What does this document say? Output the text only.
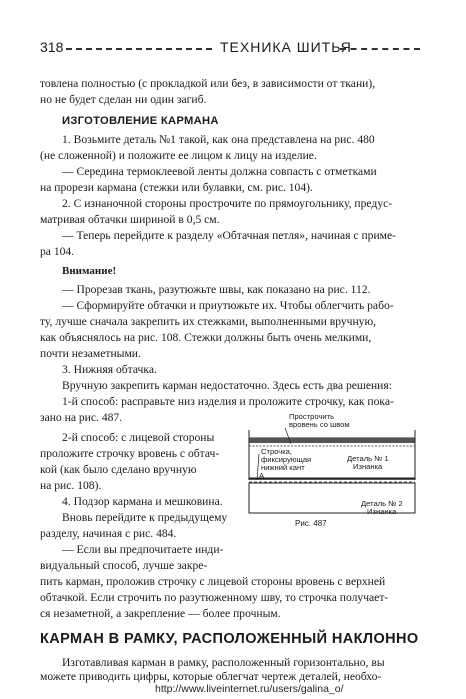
318	ТЕХНИКА ШИТЬЯ
товлена полностью (с прокладкой или без, в зависимости от ткани),
но не будет сделан ни один загиб.
ИЗГОТОВЛЕНИЕ КАРМАНА
1. Возьмите деталь №1 такой, как она представлена на рис. 480
(не сложенной) и положите ее лицом к лицу на изделие.
— Середина термоклеевой ленты должна совпасть с отметками
на прорези кармана (стежки или булавки, см. рис. 104).
2. С изнаночной стороны прострочите по прямоугольнику, предус-
матривая обтачки шириной в 0,5 см.
— Теперь перейдите к разделу «Обтачная петля», начиная с приме-
ра 104.
Внимание!
— Прорезав ткань, разутюжьте швы, как показано на рис. 112.
— Сформируйте обтачки и приутюжьте их. Чтобы облегчить рабо-
ту, лучше сначала закрепить их стежками, выполненными вручную,
как объяснялось на рис. 108. Стежки должны быть очень мелкими,
почти незаметными.
3. Нижняя обтачка.
Вручную закрепить карман недостаточно. Здесь есть два решения:
1-й способ: расправьте низ изделия и проложите строчку, как пока-
зано на рис. 487.
2-й способ: с лицевой стороны
проложите строчку вровень с обтач-
кой (как было сделано вручную
на рис. 108).
4. Подзор кармана и мешковина.
Вновь перейдите к предыдущему
разделу, начиная с рис. 484.
— Если вы предпочитаете инди-
видуальный способ, лучше закре-
Прострочить
вровень со швом
Строчка,
фиксирующая
нижний кант
Деталь № 1
Изнанка
А
Деталь № 2
Изнанка
Рис. 487
пить карман, проложив строчку с лицевой стороны вровень с верхней
обтачкой. Если строчить по разутюженному шву, то строчка получает-
ся незаметной, а закрепление — более прочным.
КАРМАН В РАМКУ, РАСПОЛОЖЕННЫЙ НАКЛОННО
Изготавливая карман в рамку, расположенный горизонтально, вы
можете приводить цифры, которые облегчат чертеж деталей, необхо-
http://www.liveinternet.ru/users/galina_o/
